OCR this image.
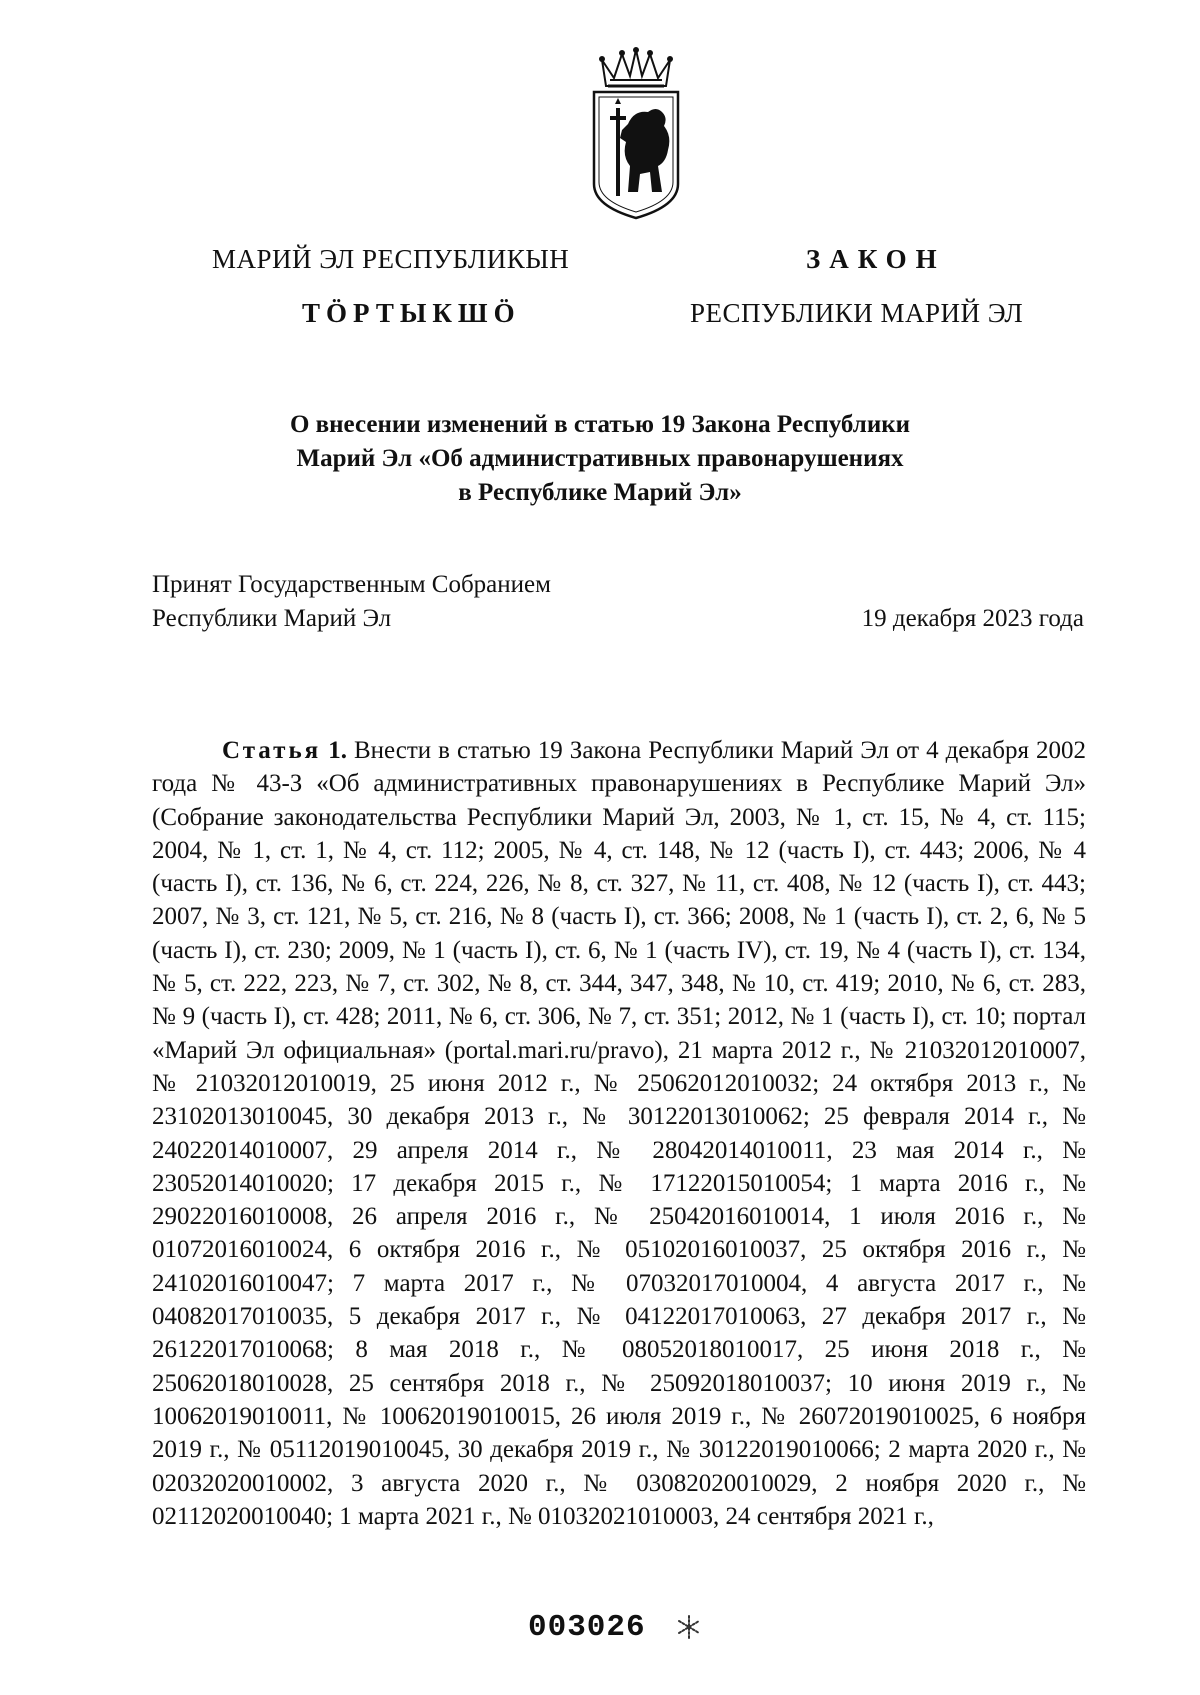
МАРИЙ ЭЛ РЕСПУБЛИКЫН
ТӦРТЫКШӦ
ЗАКОН
РЕСПУБЛИКИ МАРИЙ ЭЛ
О внесении изменений в статью 19 Закона Республики
Марий Эл «Об административных правонарушениях
в Республике Марий Эл»
Принят Государственным Собранием
Республики Марий Эл	19 декабря 2023 года

Статья 1. Внести в статью 19 Закона Республики Марий Эл от 4 декабря 2002 года № 43-З «Об административных правонарушениях в Республике Марий Эл» (Собрание законодательства Республики Марий Эл, 2003, № 1, ст. 15, № 4, ст. 115; 2004, № 1, ст. 1, № 4, ст. 112; 2005, № 4, ст. 148, № 12 (часть I), ст. 443; 2006, № 4 (часть I), ст. 136, № 6, ст. 224, 226, № 8, ст. 327, № 11, ст. 408, № 12 (часть I), ст. 443; 2007, № 3, ст. 121, № 5, ст. 216, № 8 (часть I), ст. 366; 2008, № 1 (часть I), ст. 2, 6, № 5 (часть I), ст. 230; 2009, № 1 (часть I), ст. 6, № 1 (часть IV), ст. 19, № 4 (часть I), ст. 134, № 5, ст. 222, 223, № 7, ст. 302, № 8, ст. 344, 347, 348, № 10, ст. 419; 2010, № 6, ст. 283, № 9 (часть I), ст. 428; 2011, № 6, ст. 306, № 7, ст. 351; 2012, № 1 (часть I), ст. 10; портал «Марий Эл официальная» (portal.mari.ru/pravo), 21 марта 2012 г., № 21032012010007, № 21032012010019, 25 июня 2012 г., № 25062012010032; 24 октября 2013 г., № 23102013010045, 30 декабря 2013 г., № 30122013010062; 25 февраля 2014 г., № 24022014010007, 29 апреля 2014 г., № 28042014010011, 23 мая 2014 г., № 23052014010020; 17 декабря 2015 г., № 17122015010054; 1 марта 2016 г., № 29022016010008, 26 апреля 2016 г., № 25042016010014, 1 июля 2016 г., № 01072016010024, 6 октября 2016 г., № 05102016010037, 25 октября 2016 г., № 24102016010047; 7 марта 2017 г., № 07032017010004, 4 августа 2017 г., № 04082017010035, 5 декабря 2017 г., № 04122017010063, 27 декабря 2017 г., № 26122017010068; 8 мая 2018 г., № 08052018010017, 25 июня 2018 г., № 25062018010028, 25 сентября 2018 г., № 25092018010037; 10 июня 2019 г., № 10062019010011, № 10062019010015, 26 июля 2019 г., № 26072019010025, 6 ноября 2019 г., № 05112019010045, 30 декабря 2019 г., № 30122019010066; 2 марта 2020 г., № 02032020010002, 3 августа 2020 г., № 03082020010029, 2 ноября 2020 г., № 02112020010040; 1 марта 2021 г., № 01032021010003, 24 сентября 2021 г.,

003026
